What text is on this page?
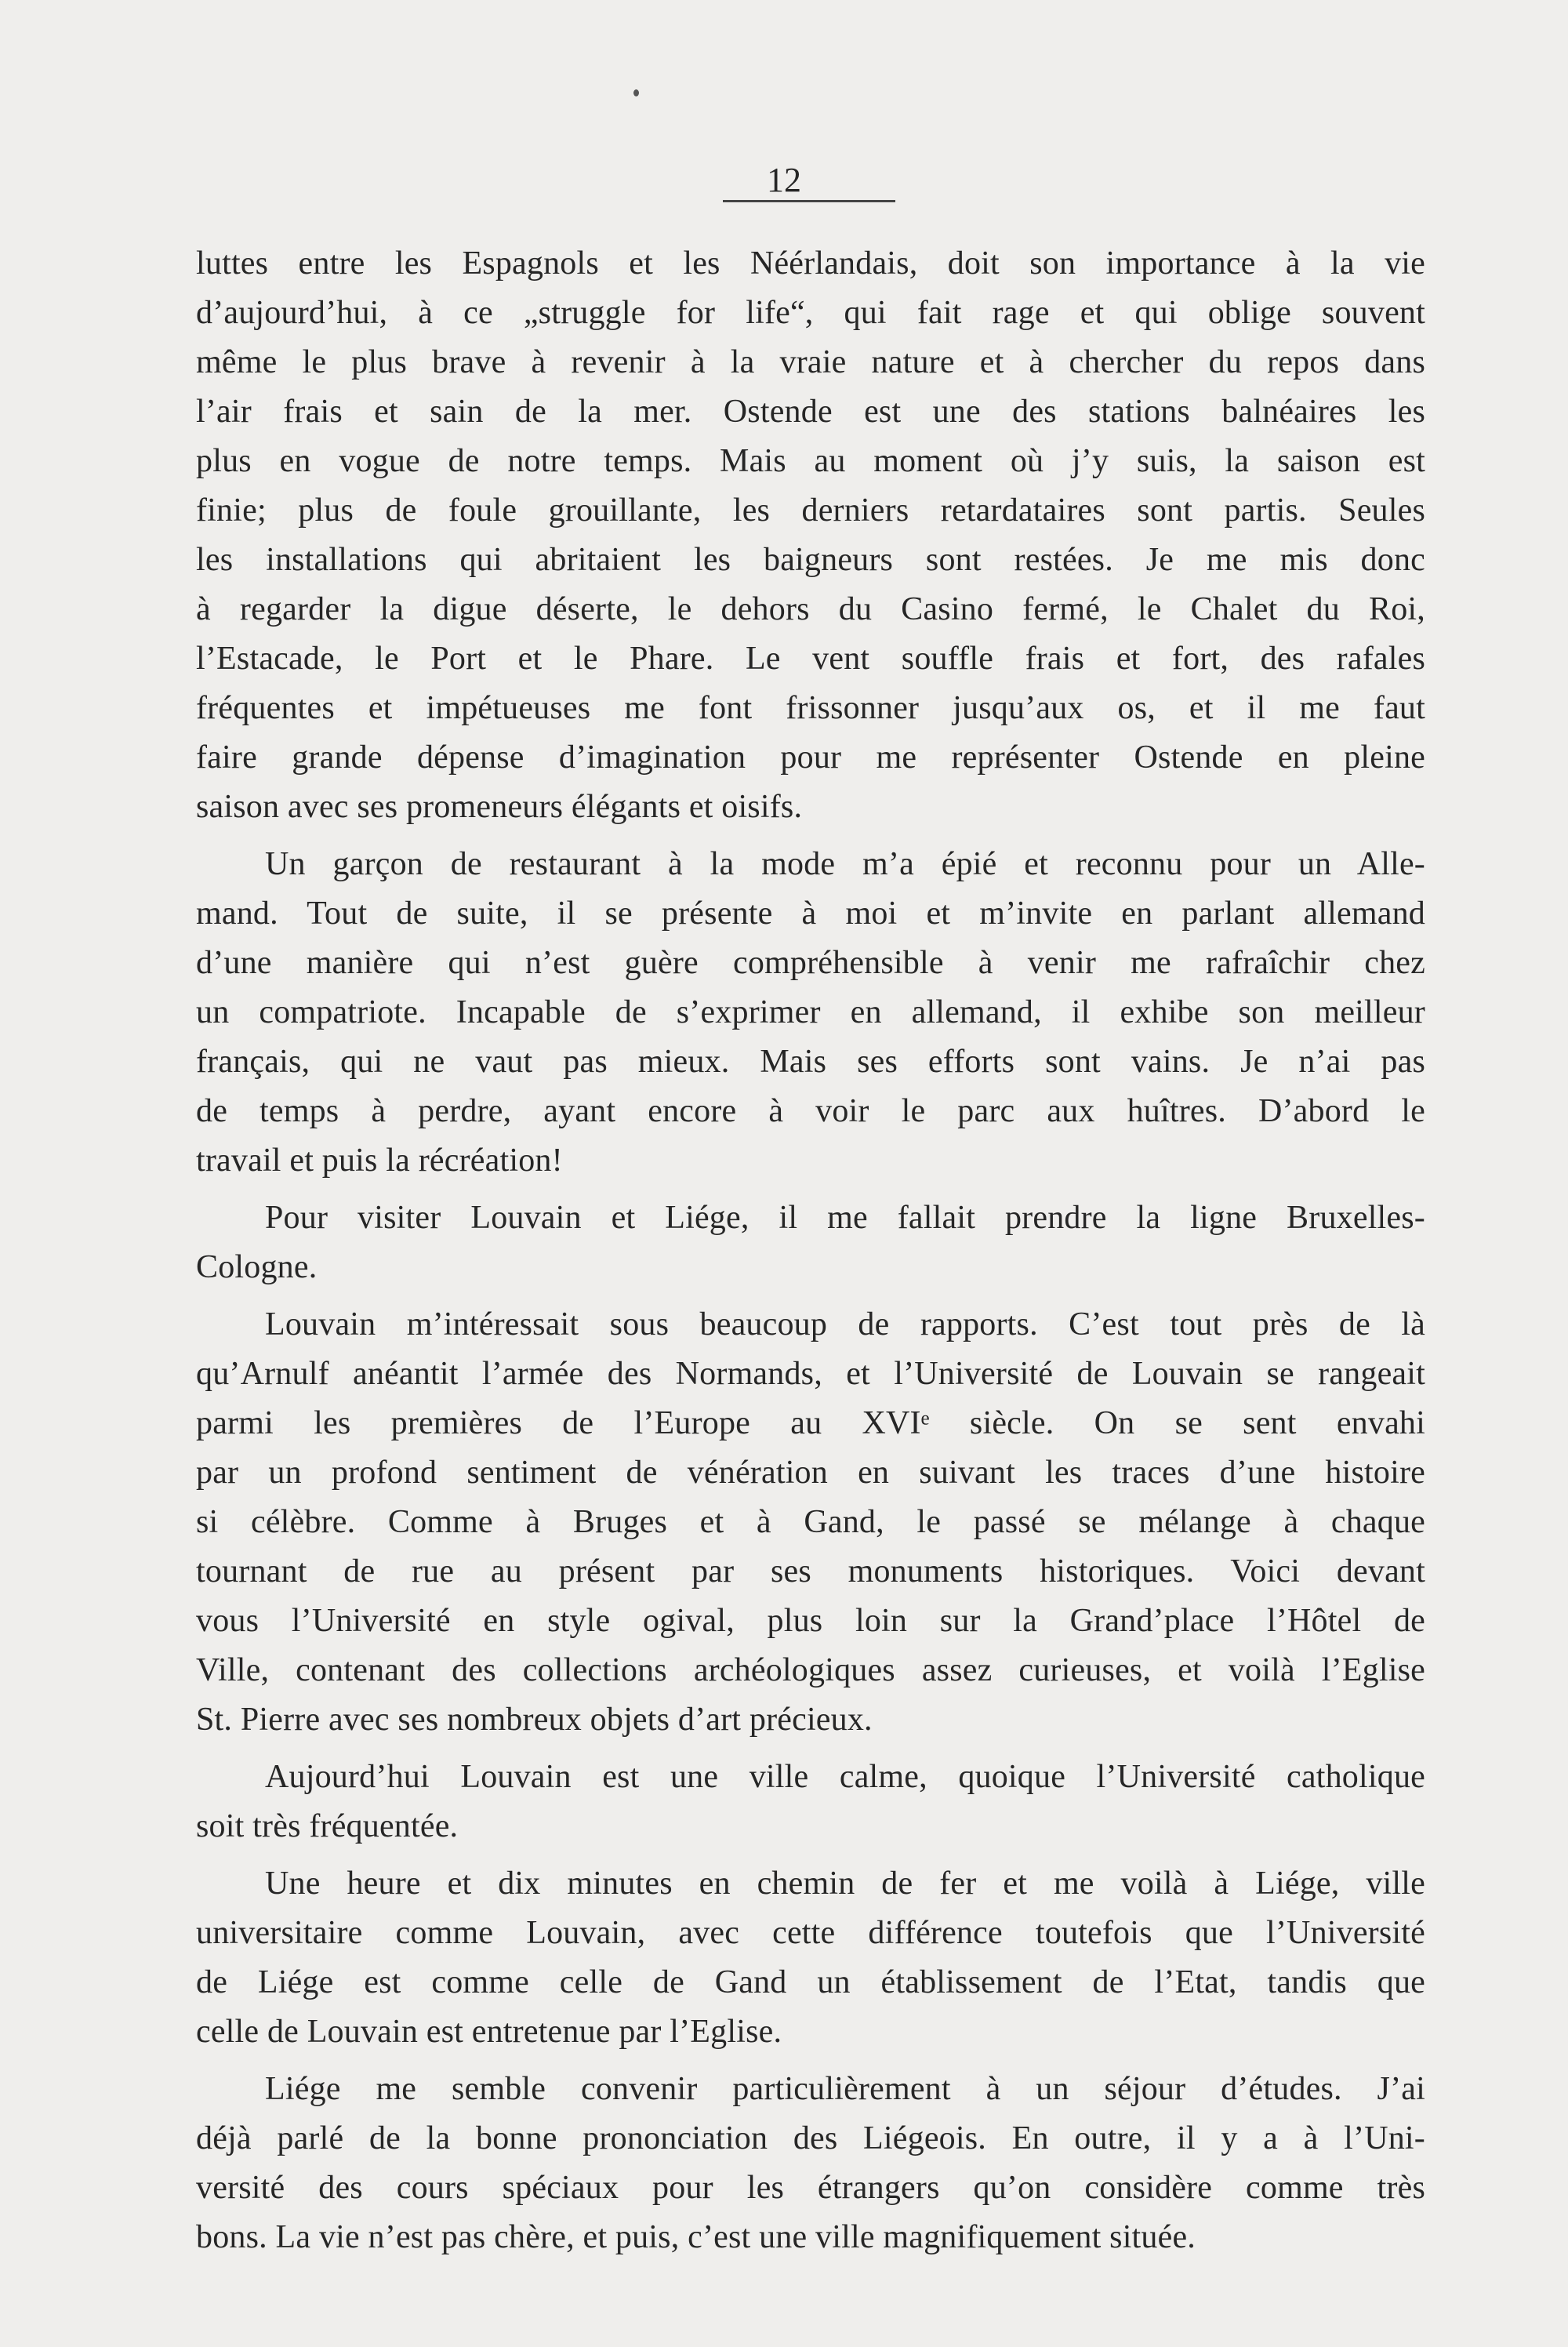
12
luttes entre les Espagnols et les Néérlandais, doit son importance à la vie
d’aujourd’hui, à ce „struggle for life“, qui fait rage et qui oblige souvent
même le plus brave à revenir à la vraie nature et à chercher du repos dans
l’air frais et sain de la mer. Ostende est une des stations balnéaires les
plus en vogue de notre temps. Mais au moment où j’y suis, la saison est
finie; plus de foule grouillante, les derniers retardataires sont partis. Seules
les installations qui abritaient les baigneurs sont restées. Je me mis donc
à regarder la digue déserte, le dehors du Casino fermé, le Chalet du Roi,
l’Estacade, le Port et le Phare. Le vent souffle frais et fort, des rafales
fréquentes et impétueuses me font frissonner jusqu’aux os, et il me faut
faire grande dépense d’imagination pour me représenter Ostende en pleine
saison avec ses promeneurs élégants et oisifs.
Un garçon de restaurant à la mode m’a épié et reconnu pour un Alle-
mand. Tout de suite, il se présente à moi et m’invite en parlant allemand
d’une manière qui n’est guère compréhensible à venir me rafraîchir chez
un compatriote. Incapable de s’exprimer en allemand, il exhibe son meilleur
français, qui ne vaut pas mieux. Mais ses efforts sont vains. Je n’ai pas
de temps à perdre, ayant encore à voir le parc aux huîtres. D’abord le
travail et puis la récréation!
Pour visiter Louvain et Liége, il me fallait prendre la ligne Bruxelles-
Cologne.
Louvain m’intéressait sous beaucoup de rapports. C’est tout près de là
qu’Arnulf anéantit l’armée des Normands, et l’Université de Louvain se rangeait
parmi les premières de l’Europe au XVIᵉ siècle. On se sent envahi
par un profond sentiment de vénération en suivant les traces d’une histoire
si célèbre. Comme à Bruges et à Gand, le passé se mélange à chaque
tournant de rue au présent par ses monuments historiques. Voici devant
vous l’Université en style ogival, plus loin sur la Grand’place l’Hôtel de
Ville, contenant des collections archéologiques assez curieuses, et voilà l’Eglise
St. Pierre avec ses nombreux objets d’art précieux.
Aujourd’hui Louvain est une ville calme, quoique l’Université catholique
soit très fréquentée.
Une heure et dix minutes en chemin de fer et me voilà à Liége, ville
universitaire comme Louvain, avec cette différence toutefois que l’Université
de Liége est comme celle de Gand un établissement de l’Etat, tandis que
celle de Louvain est entretenue par l’Eglise.
Liége me semble convenir particulièrement à un séjour d’études. J’ai
déjà parlé de la bonne prononciation des Liégeois. En outre, il y a à l’Uni-
versité des cours spéciaux pour les étrangers qu’on considère comme très
bons. La vie n’est pas chère, et puis, c’est une ville magnifiquement située.
